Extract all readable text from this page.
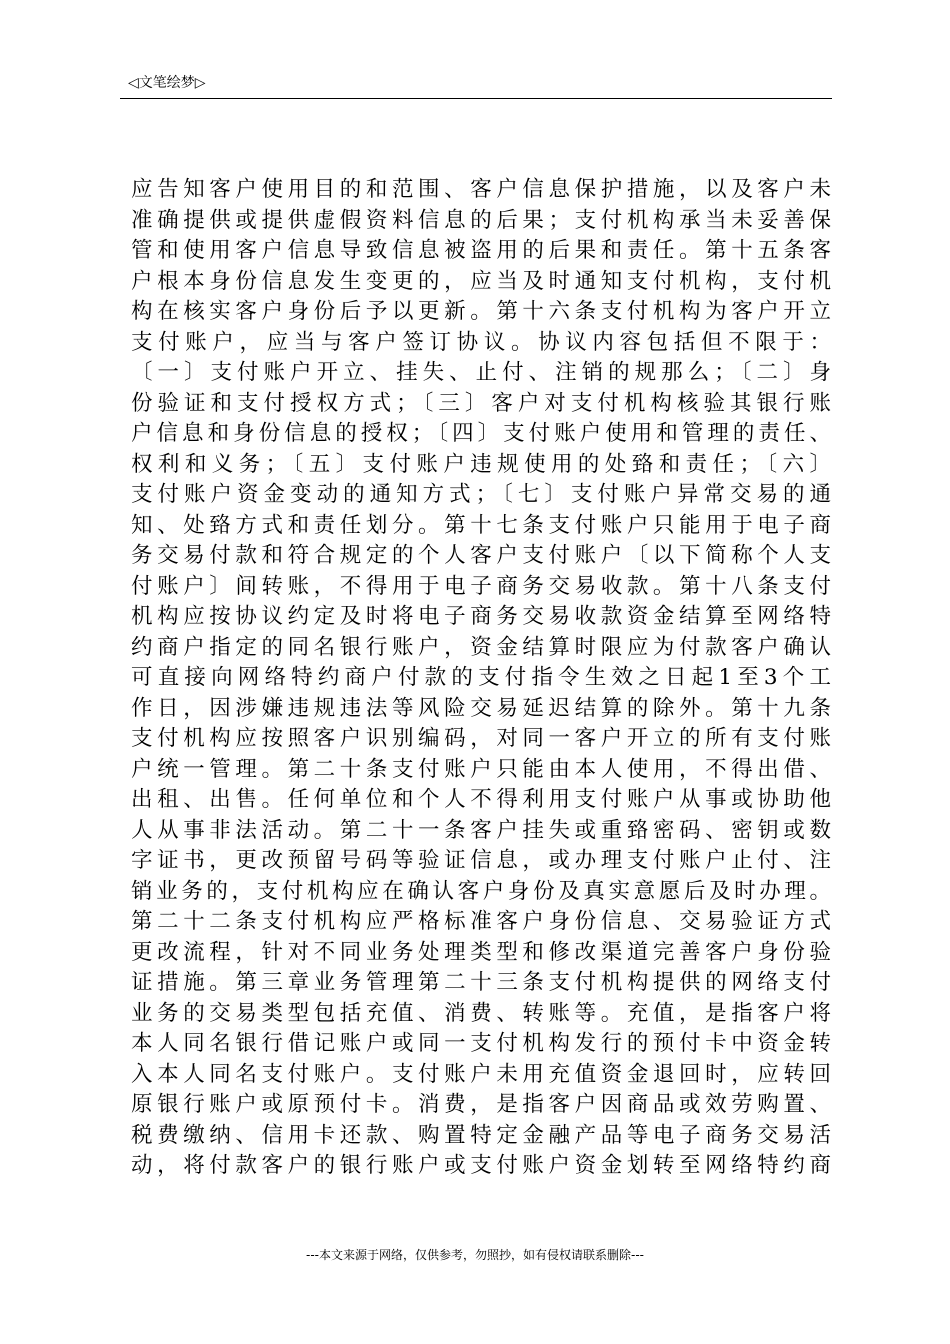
◁文笔绘梦▷
应告知客户使用目的和范围、客户信息保护措施，以及客户未
准确提供或提供虚假资料信息的后果；支付机构承当未妥善保
管和使用客户信息导致信息被盗用的后果和责任。第十五条客
户根本身份信息发生变更的，应当及时通知支付机构，支付机
构在核实客户身份后予以更新。第十六条支付机构为客户开立
支付账户，应当与客户签订协议。协议内容包括但不限于：
〔一〕支付账户开立、挂失、止付、注销的规那么；〔二〕身
份验证和支付授权方式；〔三〕客户对支付机构核验其银行账
户信息和身份信息的授权；〔四〕支付账户使用和管理的责任、
权利和义务；〔五〕支付账户违规使用的处臵和责任；〔六〕
支付账户资金变动的通知方式；〔七〕支付账户异常交易的通
知、处臵方式和责任划分。第十七条支付账户只能用于电子商
务交易付款和符合规定的个人客户支付账户〔以下简称个人支
付账户〕间转账，不得用于电子商务交易收款。第十八条支付
机构应按协议约定及时将电子商务交易收款资金结算至网络特
约商户指定的同名银行账户，资金结算时限应为付款客户确认
可直接向网络特约商户付款的支付指令生效之日起1至3个工
作日，因涉嫌违规违法等风险交易延迟结算的除外。第十九条
支付机构应按照客户识别编码，对同一客户开立的所有支付账
户统一管理。第二十条支付账户只能由本人使用，不得出借、
出租、出售。任何单位和个人不得利用支付账户从事或协助他
人从事非法活动。第二十一条客户挂失或重臵密码、密钥或数
字证书，更改预留号码等验证信息，或办理支付账户止付、注
销业务的，支付机构应在确认客户身份及真实意愿后及时办理。
第二十二条支付机构应严格标准客户身份信息、交易验证方式
更改流程，针对不同业务处理类型和修改渠道完善客户身份验
证措施。第三章业务管理第二十三条支付机构提供的网络支付
业务的交易类型包括充值、消费、转账等。充值，是指客户将
本人同名银行借记账户或同一支付机构发行的预付卡中资金转
入本人同名支付账户。支付账户未用充值资金退回时，应转回
原银行账户或原预付卡。消费，是指客户因商品或效劳购置、
税费缴纳、信用卡还款、购置特定金融产品等电子商务交易活
动，将付款客户的银行账户或支付账户资金划转至网络特约商
---本文来源于网络，仅供参考，勿照抄，如有侵权请联系删除---
